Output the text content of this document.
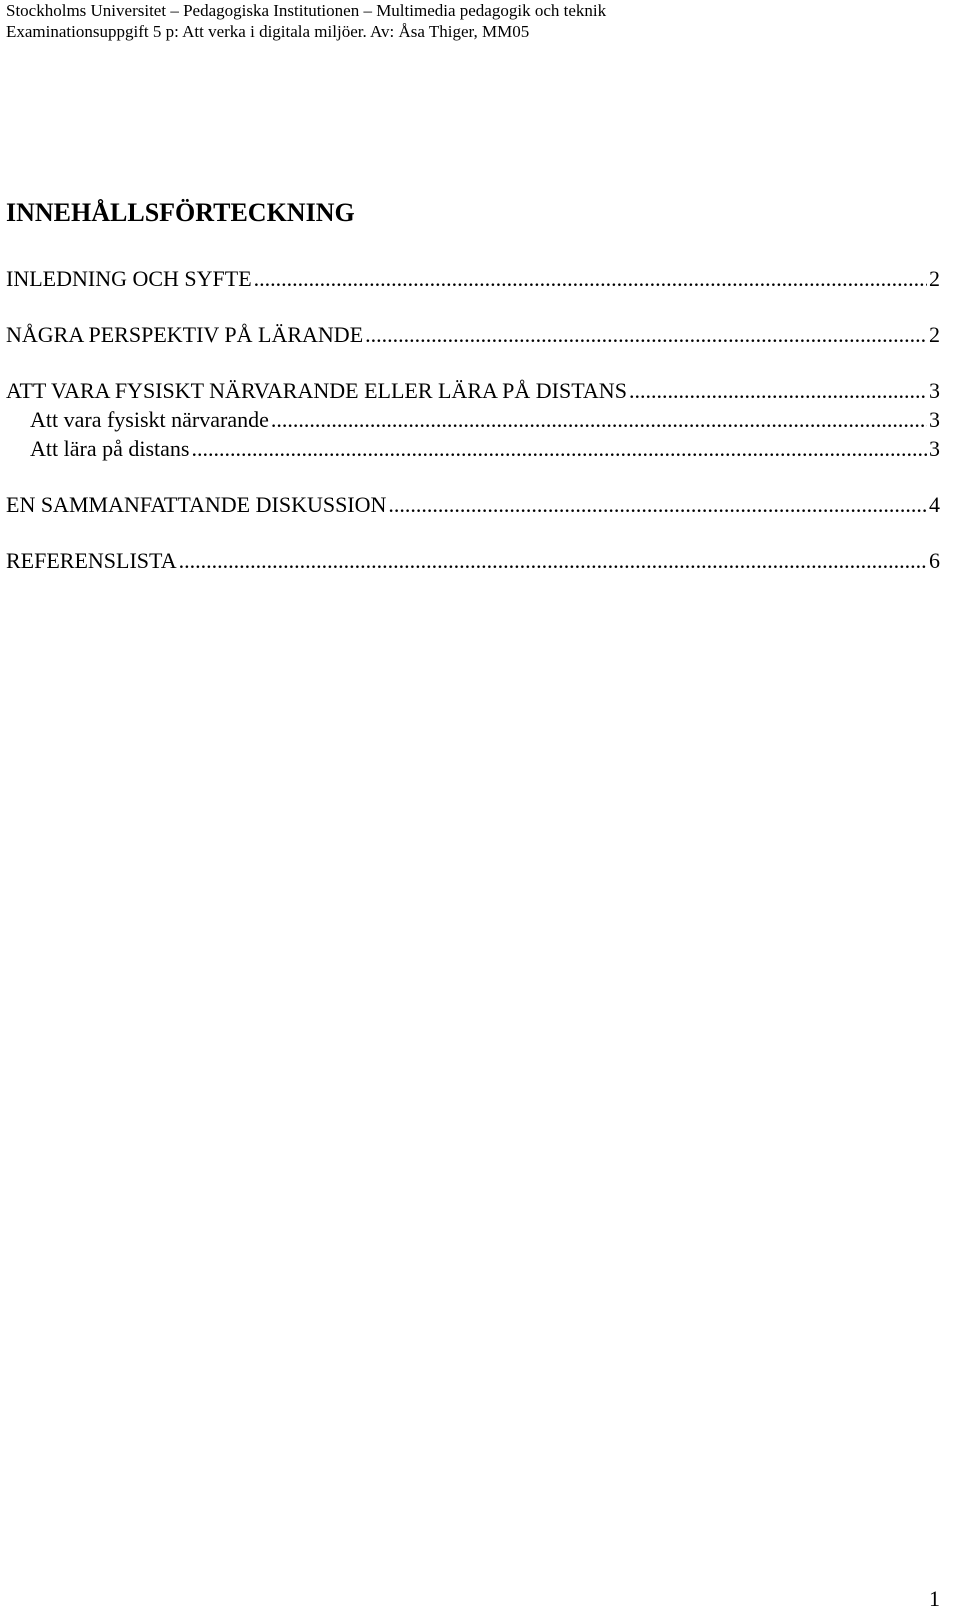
Stockholms Universitet – Pedagogiska Institutionen – Multimedia pedagogik och teknik
Examinationsuppgift 5 p: Att verka i digitala miljöer. Av: Åsa Thiger, MM05
INNEHÅLLSFÖRTECKNING
INLEDNING OCH SYFTE .....	2
NÅGRA PERSPEKTIV PÅ LÄRANDE .....	2
ATT VARA FYSISKT NÄRVARANDE ELLER LÄRA PÅ DISTANS .....	3
Att vara fysiskt närvarande .....	3
Att lära på distans .....	3
EN SAMMANFATTANDE DISKUSSION .....	4
REFERENSLISTA .....	6
1
